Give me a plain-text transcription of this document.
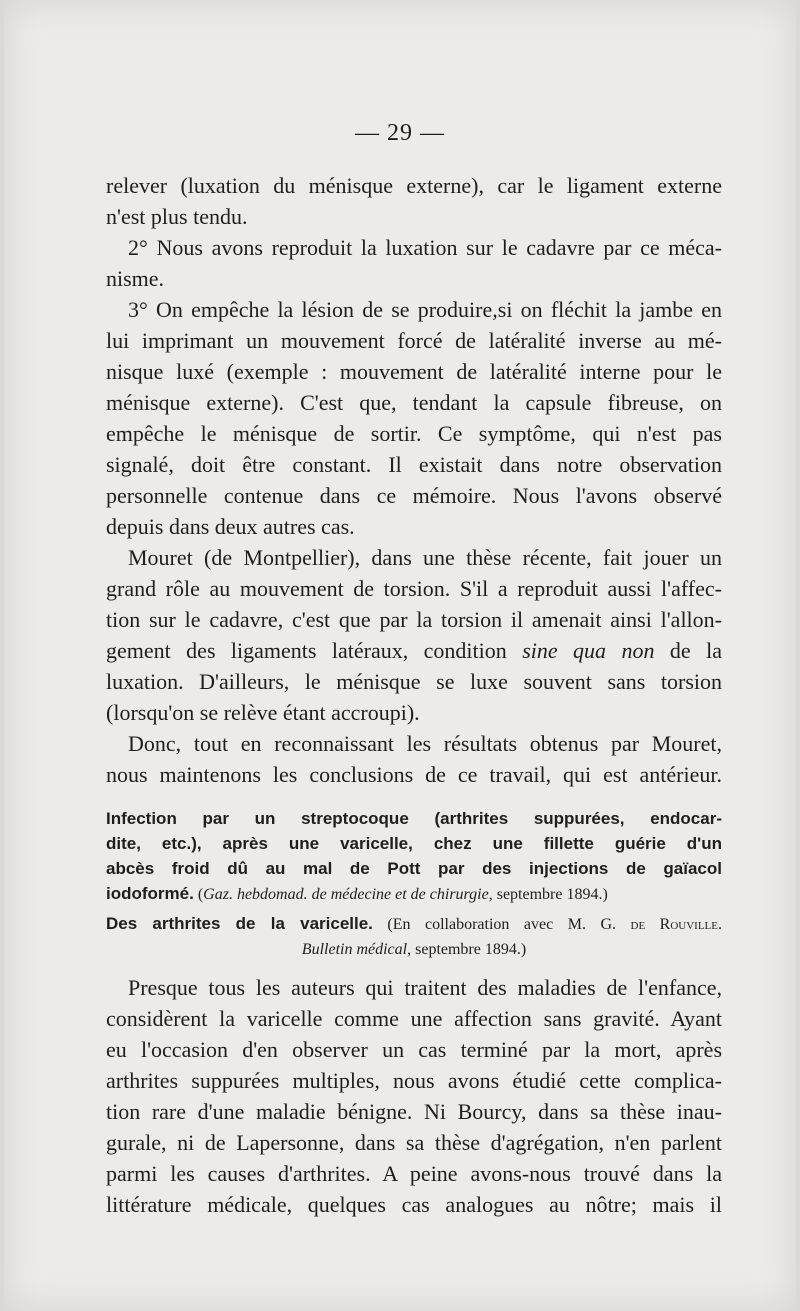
— 29 —

relever (luxation du ménisque externe), car le ligament externe
n'est plus tendu.

2° Nous avons reproduit la luxation sur le cadavre par ce méca-
nisme.

3° On empêche la lésion de se produire,si on fléchit la jambe en
lui imprimant un mouvement forcé de latéralité inverse au mé-
nisque luxé (exemple : mouvement de latéralité interne pour le
ménisque externe). C'est que, tendant la capsule fibreuse, on
empêche le ménisque de sortir. Ce symptôme, qui n'est pas
signalé, doit être constant. Il existait dans notre observation
personnelle contenue dans ce mémoire. Nous l'avons observé
depuis dans deux autres cas.

Mouret (de Montpellier), dans une thèse récente, fait jouer un
grand rôle au mouvement de torsion. S'il a reproduit aussi l'affec-
tion sur le cadavre, c'est que par la torsion il amenait ainsi l'allon-
gement des ligaments latéraux, condition sine qua non de la
luxation. D'ailleurs, le ménisque se luxe souvent sans torsion
(lorsqu'on se relève étant accroupi).

Donc, tout en reconnaissant les résultats obtenus par Mouret,
nous maintenons les conclusions de ce travail, qui est antérieur.

Infection par un streptocoque (arthrites suppurées, endocar-
dite, etc.), après une varicelle, chez une fillette guérie d'un
abcès froid dû au mal de Pott par des injections de gaïacol
iodoformé. (Gaz. hebdomad. de médecine et de chirurgie, septembre 1894.)

Des arthrites de la varicelle. (En collaboration avec M. G. de Rouville.
Bulletin médical, septembre 1894.)

Presque tous les auteurs qui traitent des maladies de l'enfance,
considèrent la varicelle comme une affection sans gravité. Ayant
eu l'occasion d'en observer un cas terminé par la mort, après
arthrites suppurées multiples, nous avons étudié cette complica-
tion rare d'une maladie bénigne. Ni Bourcy, dans sa thèse inau-
gurale, ni de Lapersonne, dans sa thèse d'agrégation, n'en parlent
parmi les causes d'arthrites. A peine avons-nous trouvé dans la
littérature médicale, quelques cas analogues au nôtre; mais il
